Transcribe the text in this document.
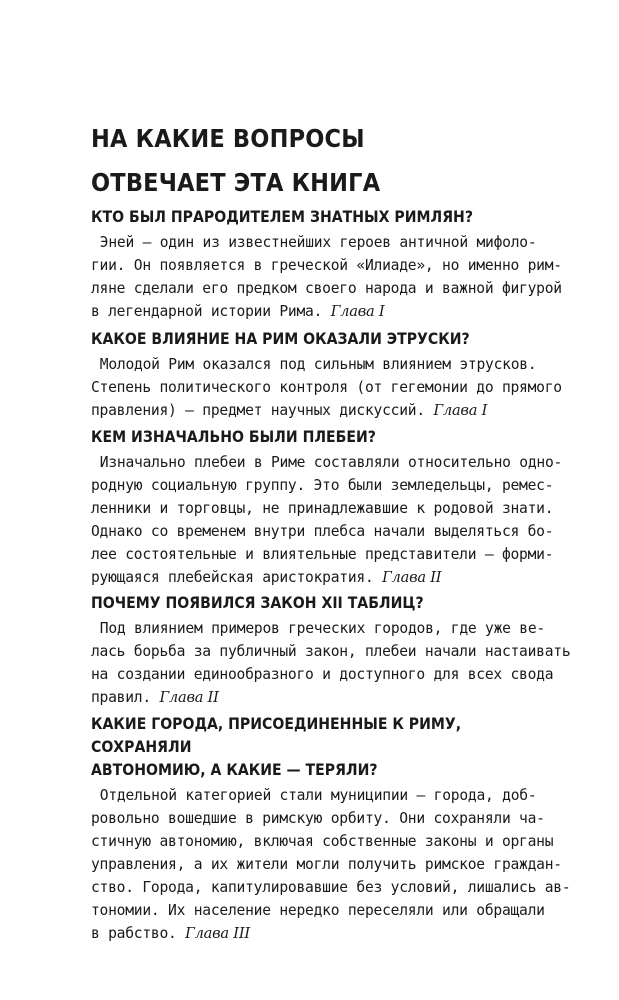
НА КАКИЕ ВОПРОСЫ
ОТВЕЧАЕТ ЭТА КНИГА
КТО БЫЛ ПРАРОДИТЕЛЕМ ЗНАТНЫХ РИМЛЯН?

Эней — один из известнейших героев античной мифоло-
гии. Он появляется в греческой «Илиаде», но именно рим-
ляне сделали его предком своего народа и важной фигурой
в легендарной истории Рима. Глава I

КАКОЕ ВЛИЯНИЕ НА РИМ ОКАЗАЛИ ЭТРУСКИ?

Молодой Рим оказался под сильным влиянием этрусков.
Степень политического контроля (от гегемонии до прямого
правления) — предмет научных дискуссий. Глава I

КЕМ ИЗНАЧАЛЬНО БЫЛИ ПЛЕБЕИ?

Изначально плебеи в Риме составляли относительно одно-
родную социальную группу. Это были земледельцы, ремес-
ленники и торговцы, не принадлежавшие к родовой знати.
Однако со временем внутри плебса начали выделяться бо-
лее состоятельные и влиятельные представители — форми-
рующаяся плебейская аристократия. Глава II

ПОЧЕМУ ПОЯВИЛСЯ ЗАКОН XII ТАБЛИЦ?

Под влиянием примеров греческих городов, где уже ве-
лась борьба за публичный закон, плебеи начали настаивать
на создании единообразного и доступного для всех свода
правил. Глава II

КАКИЕ ГОРОДА, ПРИСОЕДИНЕННЫЕ К РИМУ, СОХРАНЯЛИ
АВТОНОМИЮ, А КАКИЕ — ТЕРЯЛИ?

Отдельной категорией стали муниципии — города, доб-
ровольно вошедшие в римскую орбиту. Они сохраняли ча-
стичную автономию, включая собственные законы и органы
управления, а их жители могли получить римское граждан-
ство. Города, капитулировавшие без условий, лишались ав-
тономии. Их население нередко переселяли или обращали
в рабство. Глава III
